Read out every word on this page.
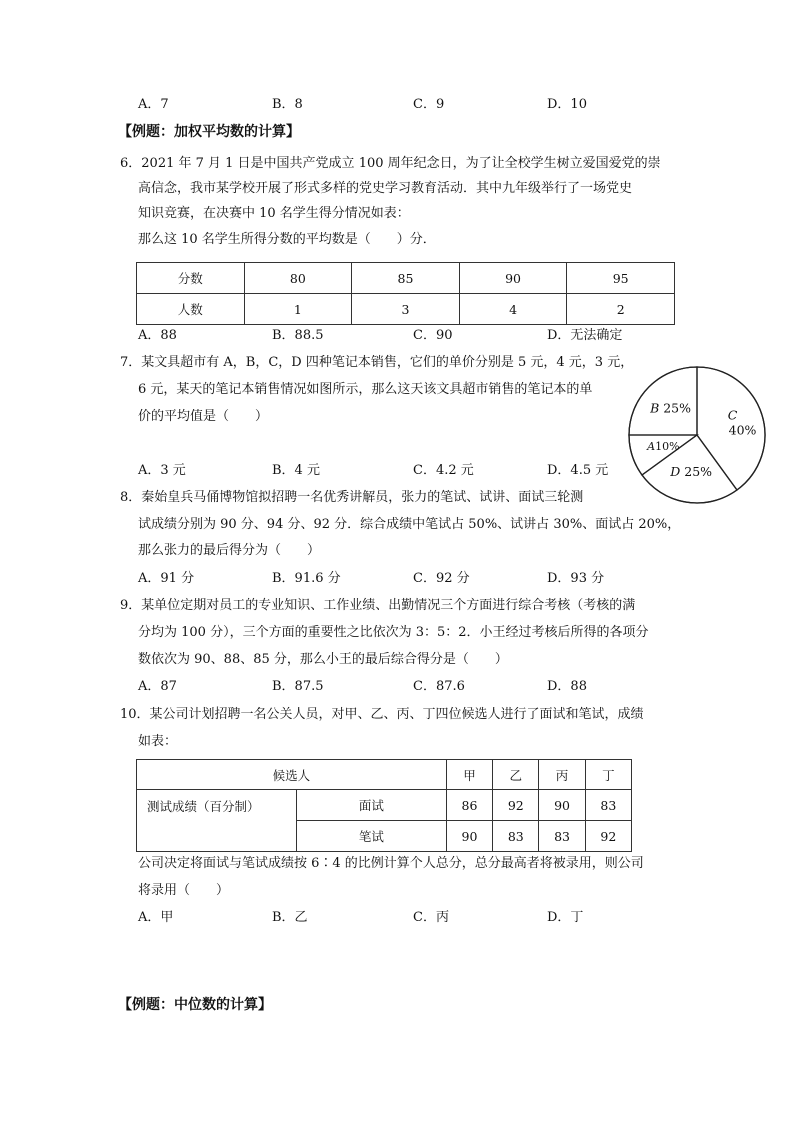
A．7	B．8	C．9	D．10
【例题：加权平均数的计算】
6．2021 年 7 月 1 日是中国共产党成立 100 周年纪念日，为了让全校学生树立爱国爱党的崇
高信念，我市某学校开展了形式多样的党史学习教育活动．其中九年级举行了一场党史
知识竞赛，在决赛中 10 名学生得分情况如表：
那么这 10 名学生所得分数的平均数是（　　）分．
分数	80	85	90	95
人数	1	3	4	2
A．88	B．88.5	C．90	D．无法确定
7．某文具超市有 A，B，C，D 四种笔记本销售，它们的单价分别是 5 元，4 元，3 元，
6 元，某天的笔记本销售情况如图所示，那么这天该文具超市销售的笔记本的单
价的平均值是（　　）
A．3 元	B．4 元	C．4.2 元	D．4.5 元
C 40%
D 25%
A10%
B 25%
8．秦始皇兵马俑博物馆拟招聘一名优秀讲解员，张力的笔试、试讲、面试三轮测
试成绩分别为 90 分、94 分、92 分．综合成绩中笔试占 50%、试讲占 30%、面试占 20%，
那么张力的最后得分为（　　）
A．91 分	B．91.6 分	C．92 分	D．93 分
9．某单位定期对员工的专业知识、工作业绩、出勤情况三个方面进行综合考核（考核的满
分均为 100 分），三个方面的重要性之比依次为 3：5：2．小王经过考核后所得的各项分
数依次为 90、88、85 分，那么小王的最后综合得分是（　　）
A．87	B．87.5	C．87.6	D．88
10．某公司计划招聘一名公关人员，对甲、乙、丙、丁四位候选人进行了面试和笔试，成绩
如表：
候选人		甲	乙	丙	丁
测试成绩（百分制）	面试	86	92	90	83
	笔试	90	83	83	92
公司决定将面试与笔试成绩按 6∶4 的比例计算个人总分，总分最高者将被录用，则公司
将录用（　　）
A．甲	B．乙	C．丙	D．丁
【例题：中位数的计算】
